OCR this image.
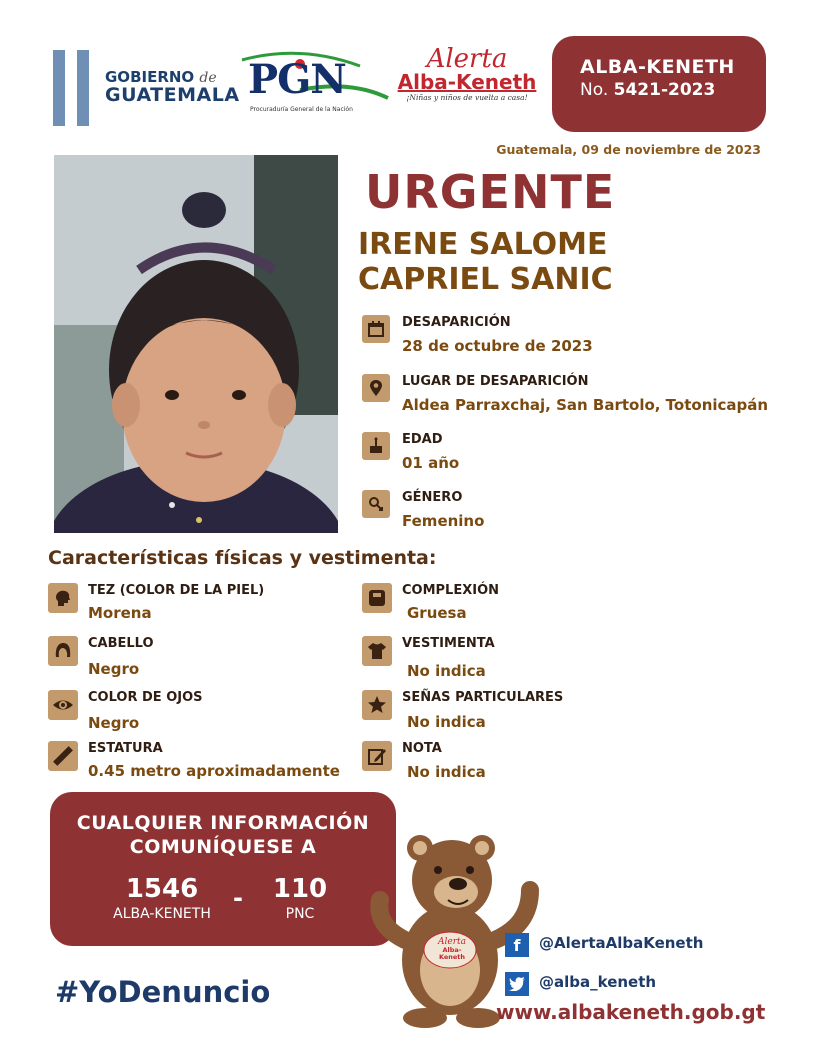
GOBIERNO de
GUATEMALA PGN
Procuraduría General de la Nación
Alerta
Alba-Keneth
¡Niñas y niños de vuelta a casa!
ALBA-KENETH
No. 5421-2023
Guatemala, 09 de noviembre de 2023
URGENTE
IRENE SALOME
CAPRIEL SANIC
DESAPARICIÓN
28 de octubre de 2023
LUGAR DE DESAPARICIÓN
Aldea Parraxchaj, San Bartolo, Totonicapán
EDAD
01 año
GÉNERO
Femenino
Características físicas y vestimenta:
TEZ (COLOR DE LA PIEL)
Morena
CABELLO
Negro
COLOR DE OJOS
Negro
ESTATURA
0.45 metro aproximadamente
COMPLEXIÓN
Gruesa
VESTIMENTA
No indica
SEÑAS PARTICULARES
No indica
NOTA
No indica
CUALQUIER INFORMACIÓN
COMUNÍQUESE A
1546
ALBA-KENETH
-	110
PNC
#YoDenuncio
Alerta
Alba-Keneth
f	@AlertaAlbaKeneth
@alba_keneth
www.albakeneth.gob.gt
